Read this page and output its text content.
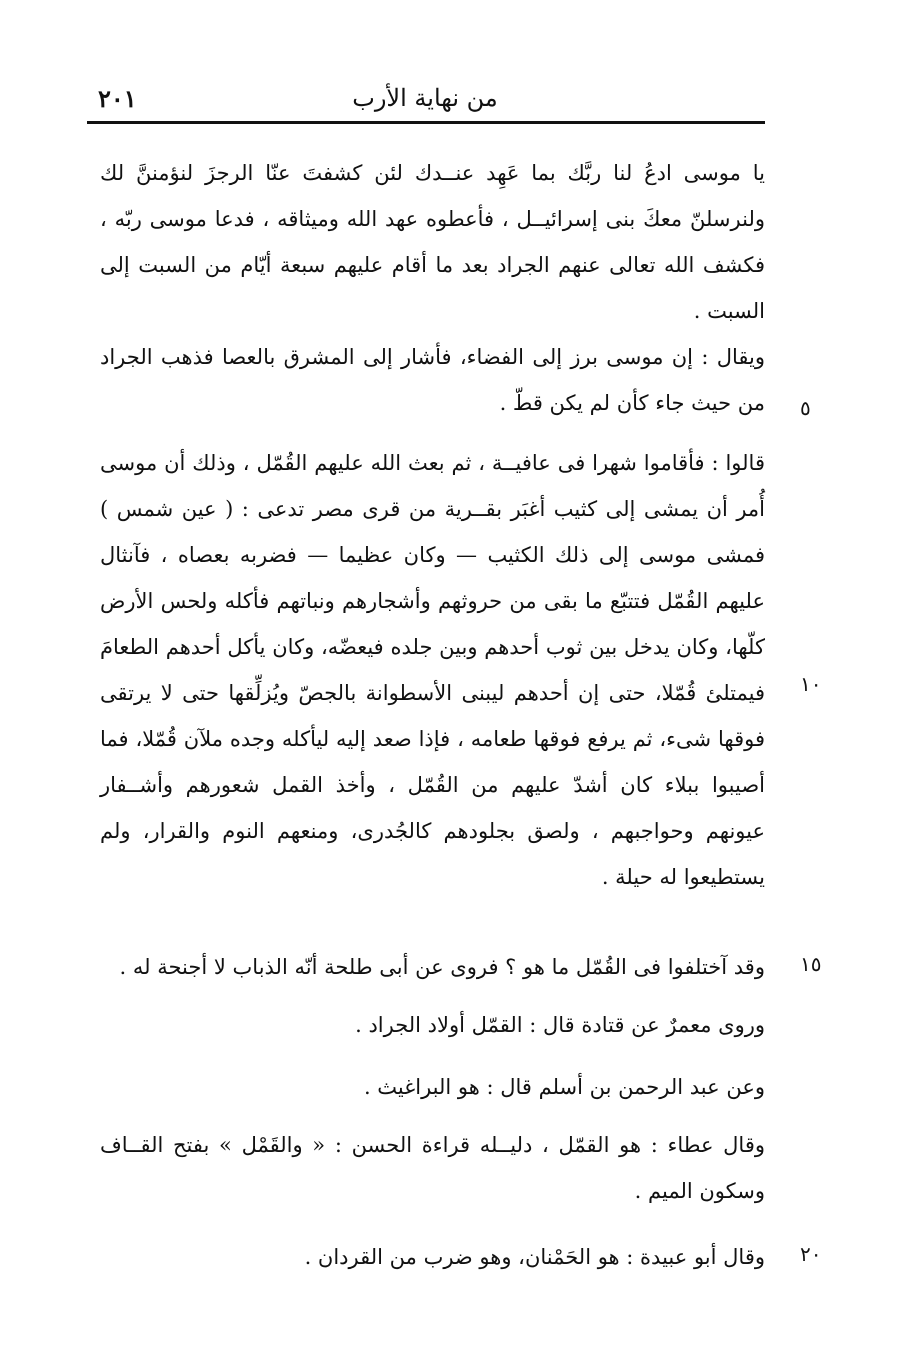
من نهاية الأرب
٢٠١
يا موسى ادعُ لنا ربَّك بما عَهِد عنــدك لئن كشفتَ عنّا الرجزَ لنؤمننَّ لك ولنرسلنّ معكَ بنى إسرائيــل ، فأعطوه عهد الله وميثاقه ، فدعا موسى ربّه ، فكشف الله تعالى عنهم الجراد بعد ما أقام عليهم سبعة أيّام من السبت إلى السبت .
ويقال : إن موسى برز إلى الفضاء، فأشار إلى المشرق بالعصا فذهب الجراد من حيث جاء كأن لم يكن قطّ .
قالوا : فأقاموا شهرا فى عافيــة ، ثم بعث الله عليهم القُمّل ، وذلك أن موسى أُمر أن يمشى إلى كثيب أغبَر بقــرية من قرى مصر تدعى : ( عين شمس ) فمشى موسى إلى ذلك الكثيب — وكان عظيما — فضربه بعصاه ، فآنثال عليهم القُمّل فتتبّع ما بقى من حروثهم وأشجارهم ونباتهم فأكله ولحس الأرض كلّها، وكان يدخل بين ثوب أحدهم وبين جلده فيعضّه، وكان يأكل أحدهم الطعامَ فيمتلئ قُمّلا، حتى إن أحدهم ليبنى الأسطوانة بالجصّ ويُزلِّقها حتى لا يرتقى فوقها شىء، ثم يرفع فوقها طعامه ، فإذا صعد إليه ليأكله وجده ملآن قُمّلا، فما أصيبوا ببلاء كان أشدّ عليهم من القُمّل ، وأخذ القمل شعورهم وأشــفار عيونهم وحواجبهم ، ولصق بجلودهم كالجُدرى، ومنعهم النوم والقرار، ولم يستطيعوا له حيلة .
وقد آختلفوا فى القُمّل ما هو ؟ فروى عن أبى طلحة أنّه الذباب لا أجنحة له .
وروى معمرٌ عن قتادة قال : القمّل أولاد الجراد .
وعن عبد الرحمن بن أسلم قال : هو البراغيث .
وقال عطاء : هو القمّل ، دليــله قراءة الحسن : « والقَمْل » بفتح القــاف وسكون الميم .
وقال أبو عبيدة : هو الحَمْنان، وهو ضرب من القردان .
٥
١٠
١٥
٢٠
